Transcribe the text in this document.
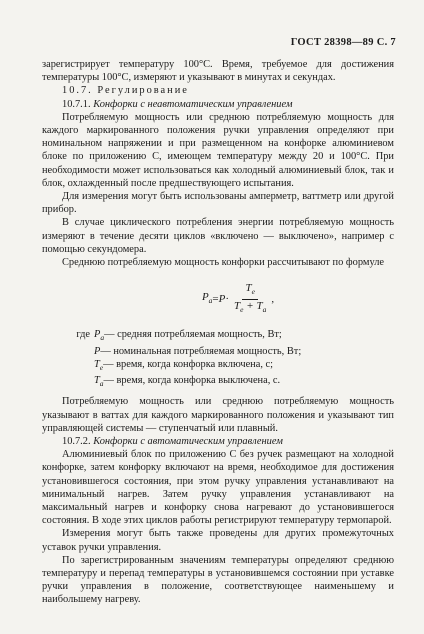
ГОСТ 28398—89 С. 7

зарегистрирует температуру 100°С. Время, требуемое для достижения температуры 100°С, измеряют и указывают в минутах и секундах.

10.7. Регулирование

10.7.1. Конфорки с неавтоматическим управлением

Потребляемую мощность или среднюю потребляемую мощность для каждого маркированного положения ручки управления определяют при номинальном напряжении и при размещенном на конфорке алюминиевом блоке по приложению С, имеющем температуру между 20 и 100°С. При необходимости может использоваться как холодный алюминиевый блок, так и блок, охлажденный после предшествующего испытания.

Для измерения могут быть использованы амперметр, ваттметр или другой прибор.

В случае циклического потребления энергии потребляемую мощность измеряют в течение десяти циклов «включено — выключено», например с помощью секундомера.

Среднюю потребляемую мощность конфорки рассчитывают по формуле

$P_a = P \cdot \frac{T_e}{T_e + T_a}$ ,
где $P_a$ — средняя потребляемая мощность, Вт;
P — номинальная потребляемая мощность, Вт;
$T_e$ — время, когда конфорка включена, с;
$T_a$ — время, когда конфорка выключена, с.

Потребляемую мощность или среднюю потребляемую мощность указывают в ваттах для каждого маркированного положения и указывают тип управляющей системы — ступенчатый или плавный.

10.7.2. Конфорки с автоматическим управлением

Алюминиевый блок по приложению С без ручек размещают на холодной конфорке, затем конфорку включают на время, необходимое для достижения установившегося состояния, при этом ручку управления устанавливают на минимальный нагрев. Затем ручку управления устанавливают на максимальный нагрев и конфорку снова нагревают до установившегося состояния. В ходе этих циклов работы регистрируют температуру термопарой.

Измерения могут быть также проведены для других промежуточных уставок ручки управления.

По зарегистрированным значениям температуры определяют среднюю температуру и перепад температуры в установившемся состоянии при уставке ручки управления в положение, соответствующее наименьшему и наибольшему нагреву.
